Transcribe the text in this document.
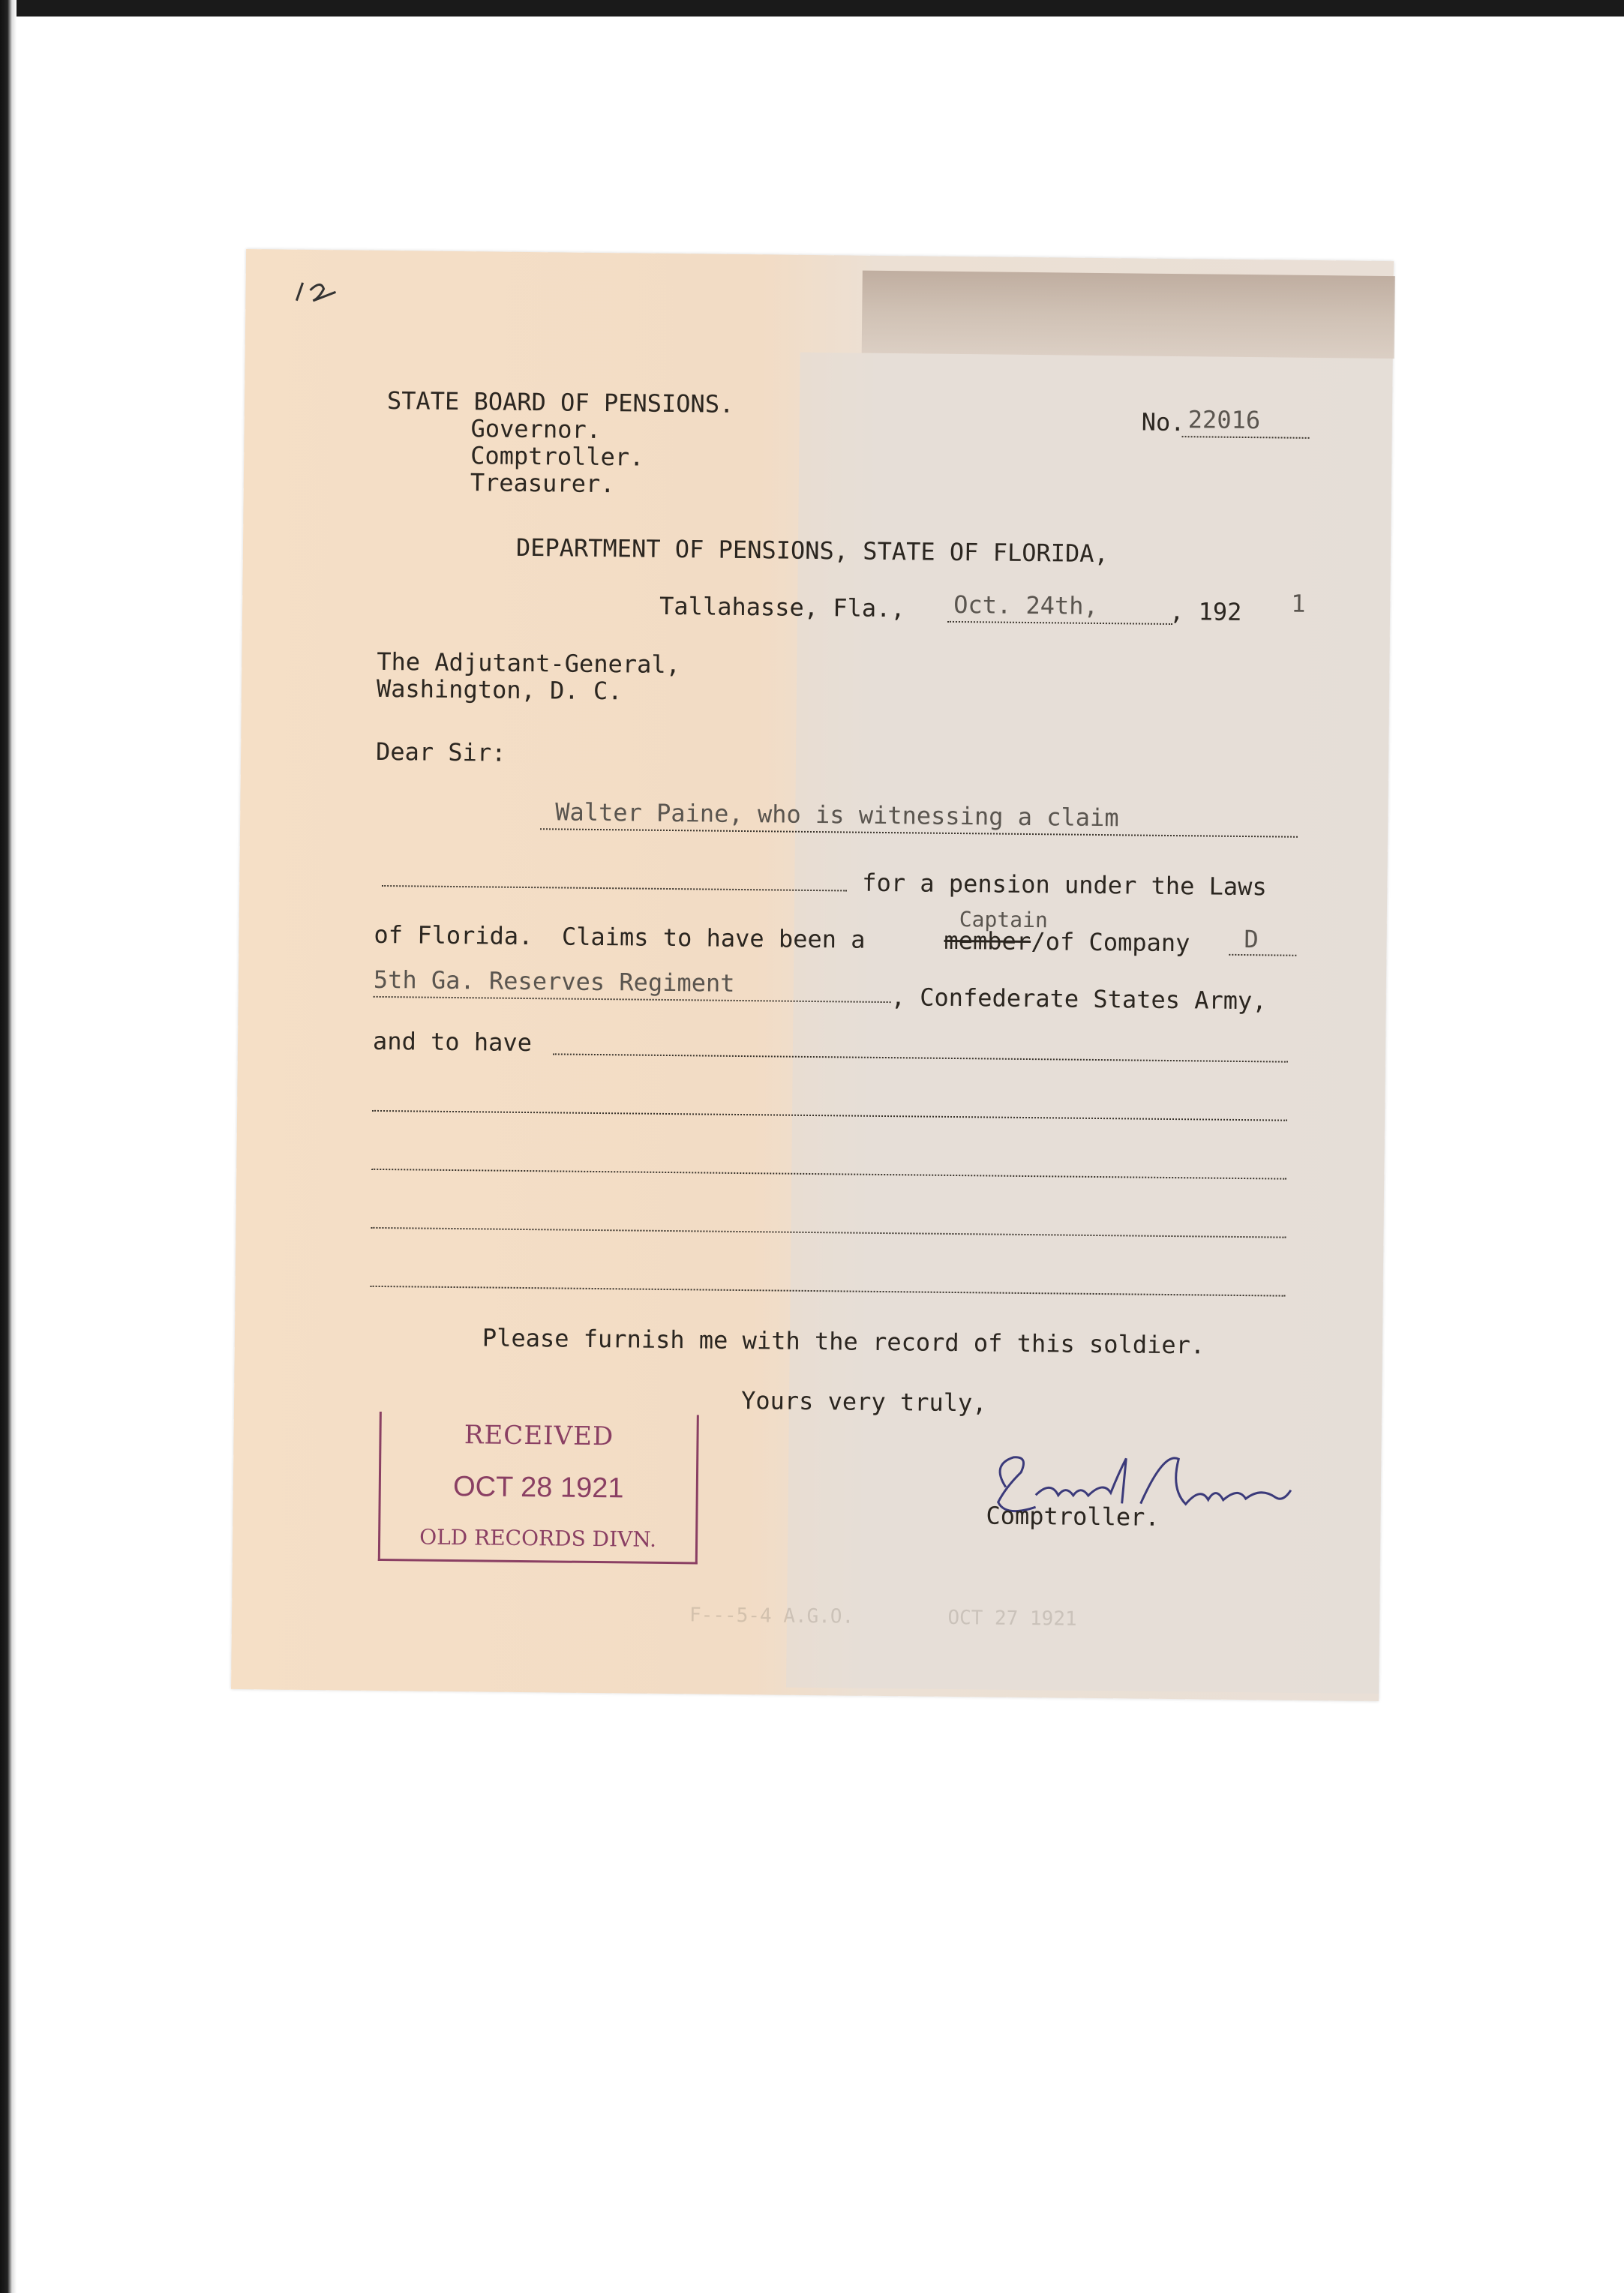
STATE BOARD OF PENSIONS.
Governor.
Comptroller.
Treasurer.
No. 22016
DEPARTMENT OF PENSIONS, STATE OF FLORIDA,
Tallahasse, Fla., Oct. 24th,	, 192 1
The Adjutant-General,
Washington, D. C.
Dear Sir:
Walter Paine, who is witnessing a claim
for a pension under the Laws
of Florida.  Claims to have been a	member /of Company
Captain
D
5th Ga. Reserves Regiment
, Confederate States Army,
and to have
Please furnish me with the record of this soldier.
Yours very truly,
Comptroller.
RECEIVED
OCT 28 1921
OLD RECORDS DIVN.
F---5-4 A.G.O.        OCT 27 1921
